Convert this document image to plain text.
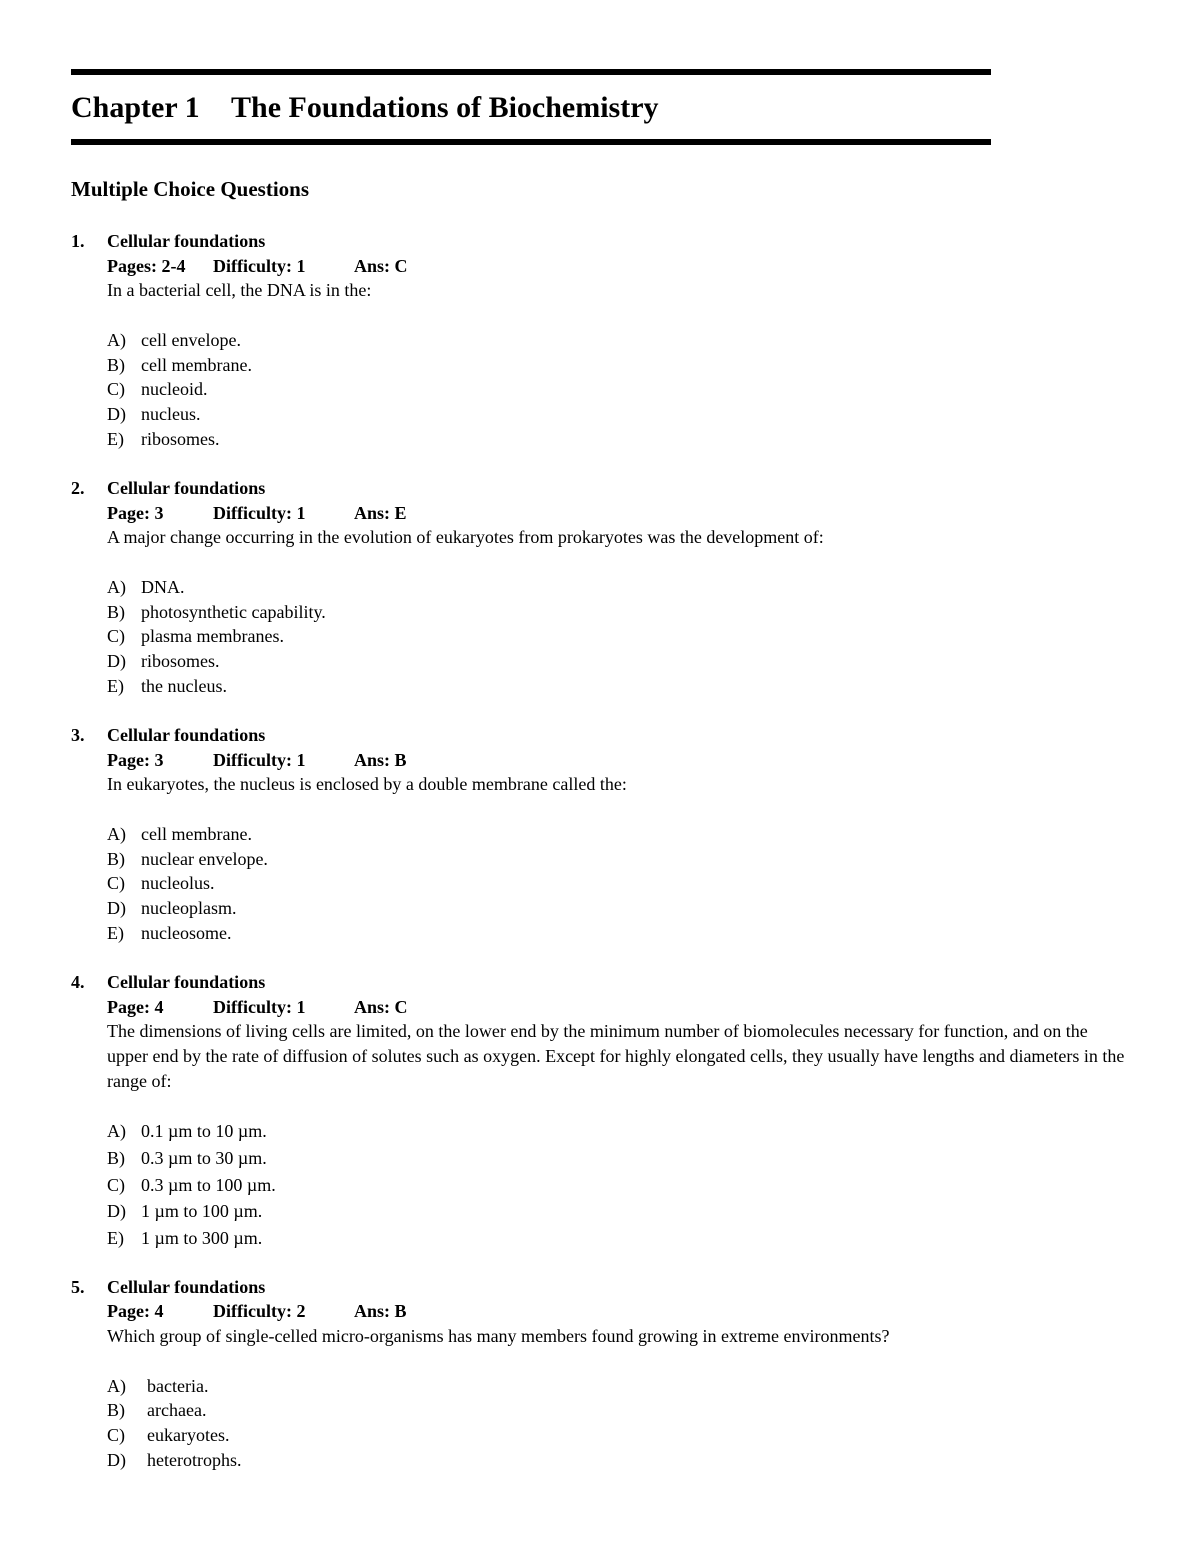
Chapter 1 The Foundations of Biochemistry
Multiple Choice Questions
1. Cellular foundations
Pages: 2-4 Difficulty: 1	Ans: C
In a bacterial cell, the DNA is in the:
A) cell envelope.
B) cell membrane.
C) nucleoid.
D) nucleus.
E) ribosomes.
2. Cellular foundations
Page: 3	Difficulty: 1	Ans: E
A major change occurring in the evolution of eukaryotes from prokaryotes was the development of:
A) DNA.
B) photosynthetic capability.
C) plasma membranes.
D) ribosomes.
E) the nucleus.
3. Cellular foundations
Page: 3	Difficulty: 1	Ans: B
In eukaryotes, the nucleus is enclosed by a double membrane called the:
A) cell membrane.
B) nuclear envelope.
C) nucleolus.
D) nucleoplasm.
E) nucleosome.
4. Cellular foundations
Page: 4	Difficulty: 1	Ans: C
The dimensions of living cells are limited, on the lower end by the minimum number of biomolecules necessary for function, and on the upper end by the rate of diffusion of solutes such as oxygen. Except for highly elongated cells, they usually have lengths and diameters in the range of:
A) 0.1 µm to 10 µm.
B) 0.3 µm to 30 µm.
C) 0.3 µm to 100 µm.
D) 1 µm to 100 µm.
E) 1 µm to 300 µm.
5. Cellular foundations
Page: 4	Difficulty: 2	Ans: B
Which group of single-celled micro-organisms has many members found growing in extreme environments?
A) bacteria.
B) archaea.
C) eukaryotes.
D) heterotrophs.
